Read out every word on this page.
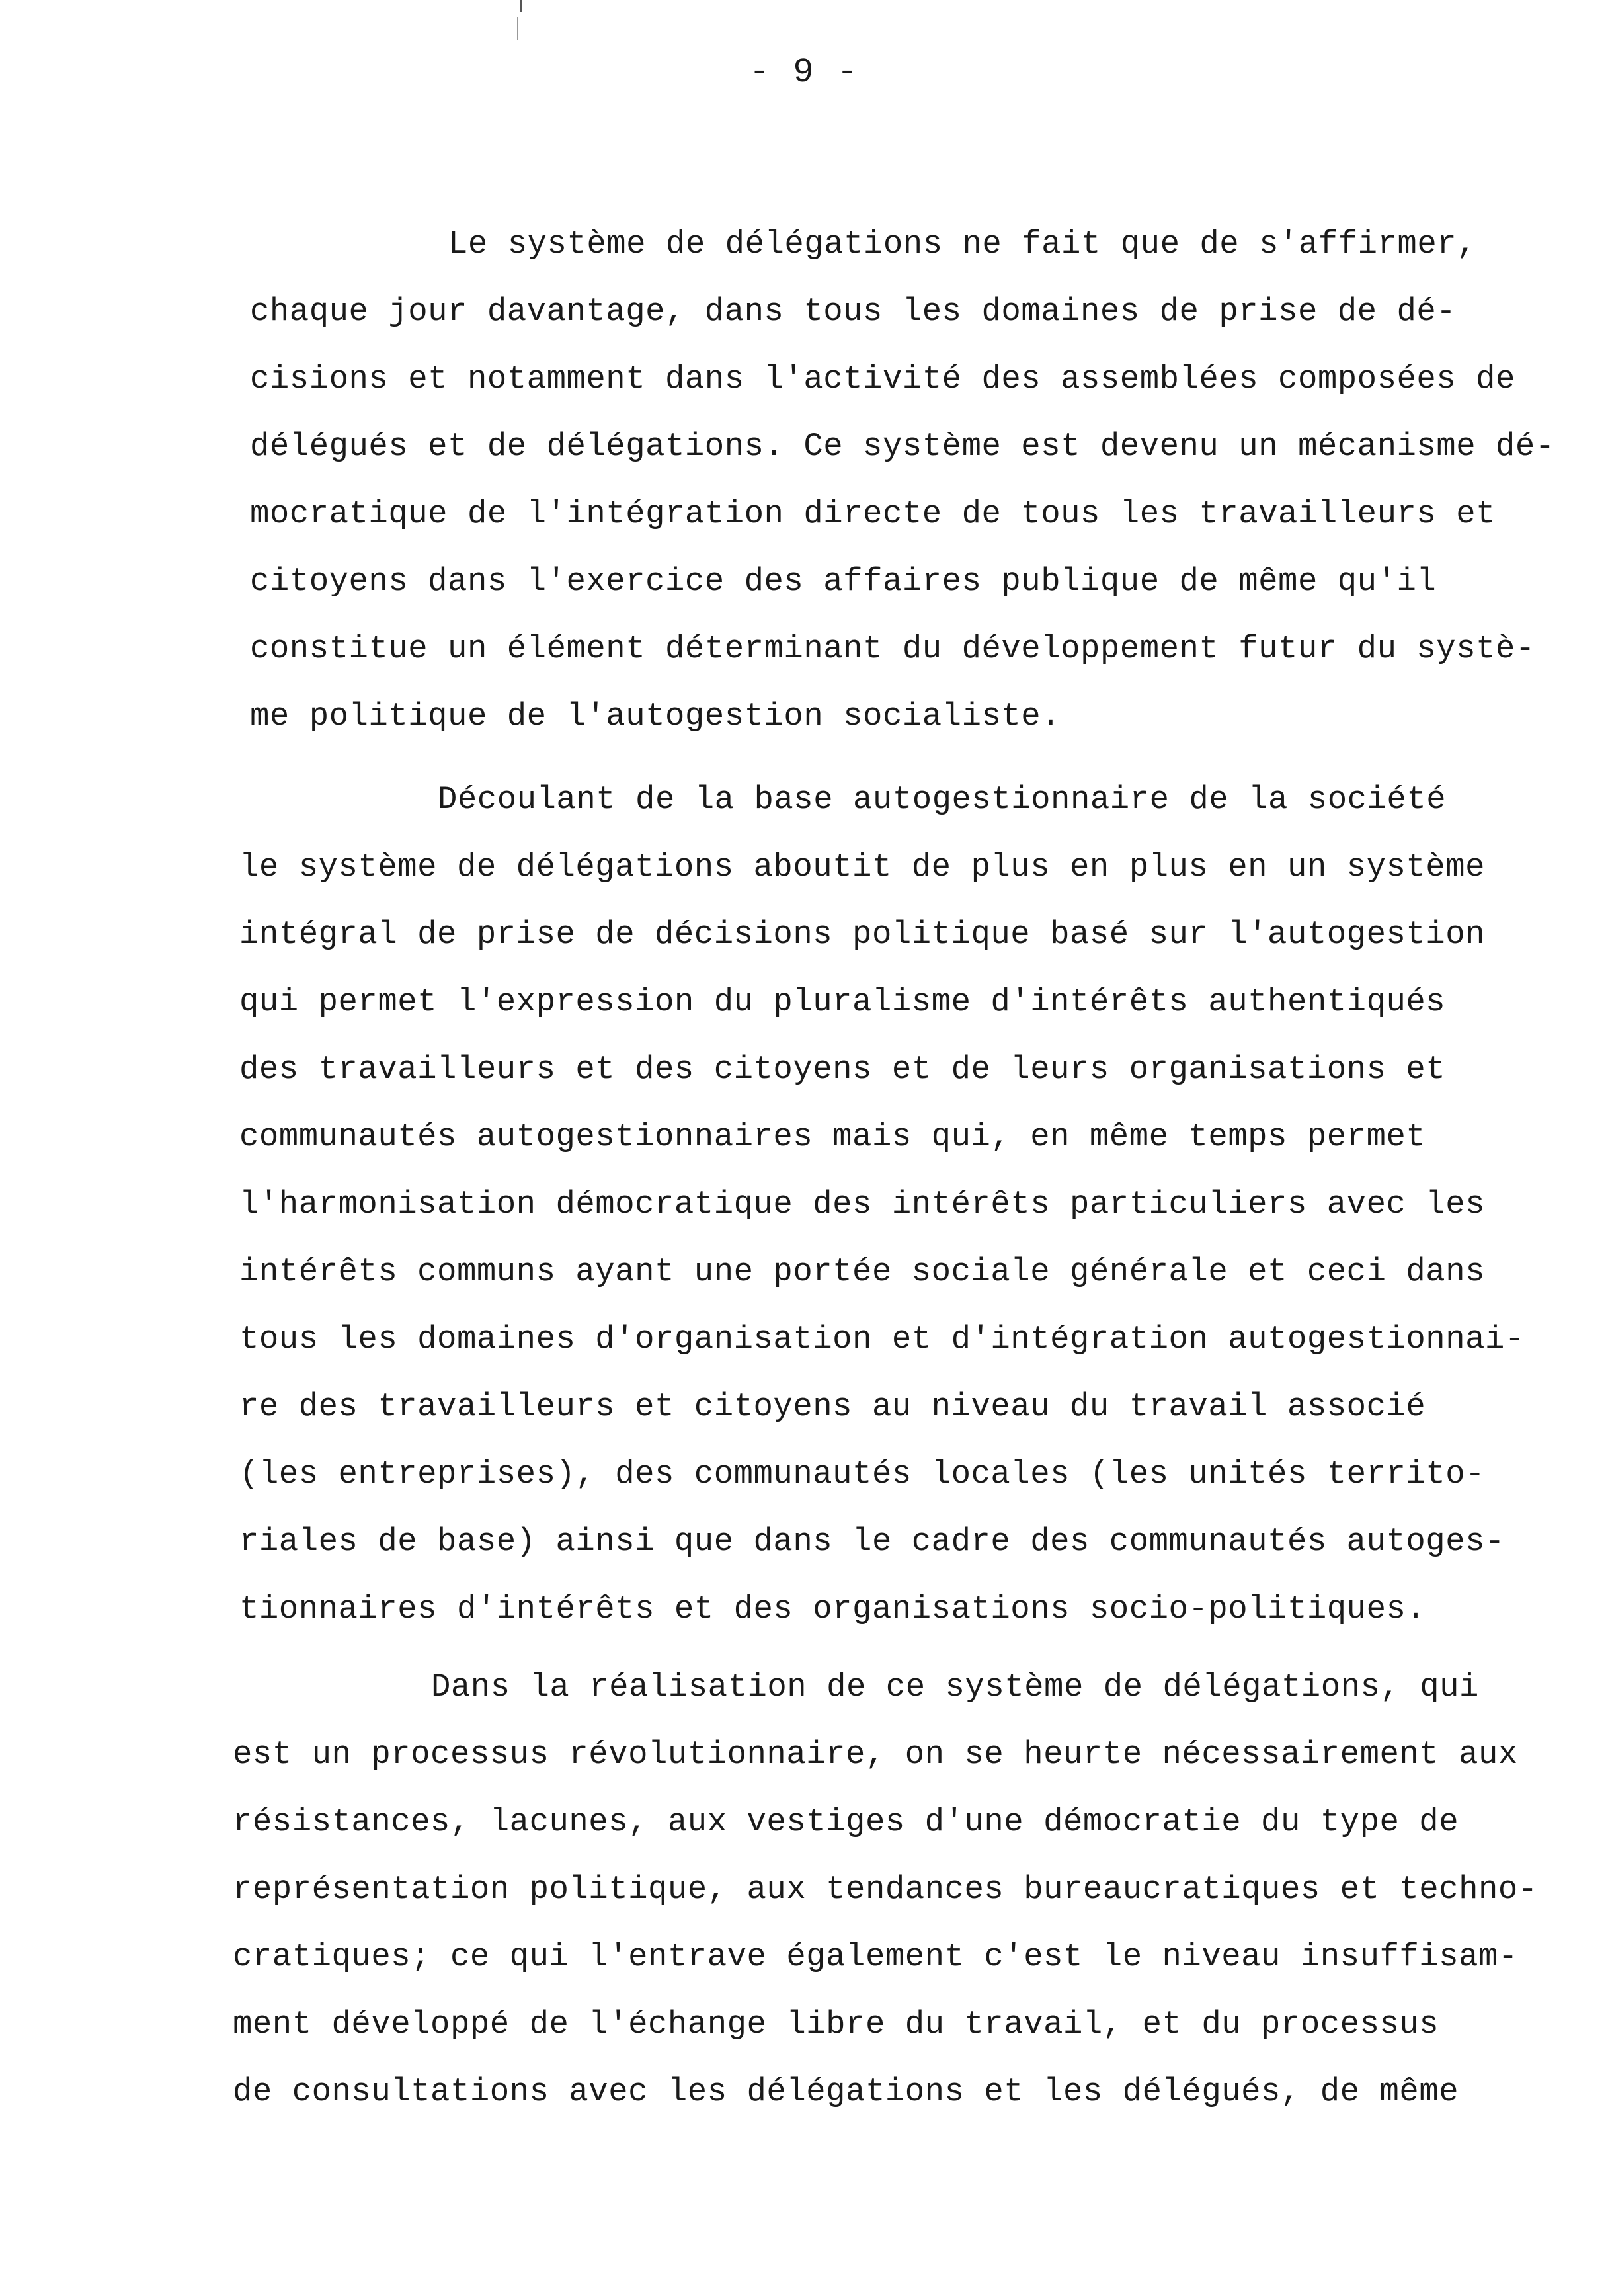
- 9 -
Le système de délégations ne fait que de s'affirmer,
chaque jour davantage, dans tous les domaines de prise de dé-
cisions et notamment dans l'activité des assemblées composées de
délégués et de délégations. Ce système est devenu un mécanisme dé-
mocratique de l'intégration directe de tous les travailleurs et
citoyens dans l'exercice des affaires publique de même qu'il
constitue un élément déterminant du développement futur du systè-
me politique de l'autogestion socialiste.
Découlant de la base autogestionnaire de la société
le système de délégations aboutit de plus en plus en un système
intégral de prise de décisions politique basé sur l'autogestion
qui permet l'expression du pluralisme d'intérêts authentiqués
des travailleurs et des citoyens et de leurs organisations et
communautés autogestionnaires mais qui, en même temps permet
l'harmonisation démocratique des intérêts particuliers avec les
intérêts communs ayant une portée sociale générale et ceci dans
tous les domaines d'organisation et d'intégration autogestionnai-
re des travailleurs et citoyens au niveau du travail associé
(les entreprises), des communautés locales (les unités territo-
riales de base) ainsi que dans le cadre des communautés autoges-
tionnaires d'intérêts et des organisations socio-politiques.
Dans la réalisation de ce système de délégations, qui
est un processus révolutionnaire, on se heurte nécessairement aux
résistances, lacunes, aux vestiges d'une démocratie du type de
représentation politique, aux tendances bureaucratiques et techno-
cratiques; ce qui l'entrave également c'est le niveau insuffisam-
ment développé de l'échange libre du travail, et du processus
de consultations avec les délégations et les délégués, de même
